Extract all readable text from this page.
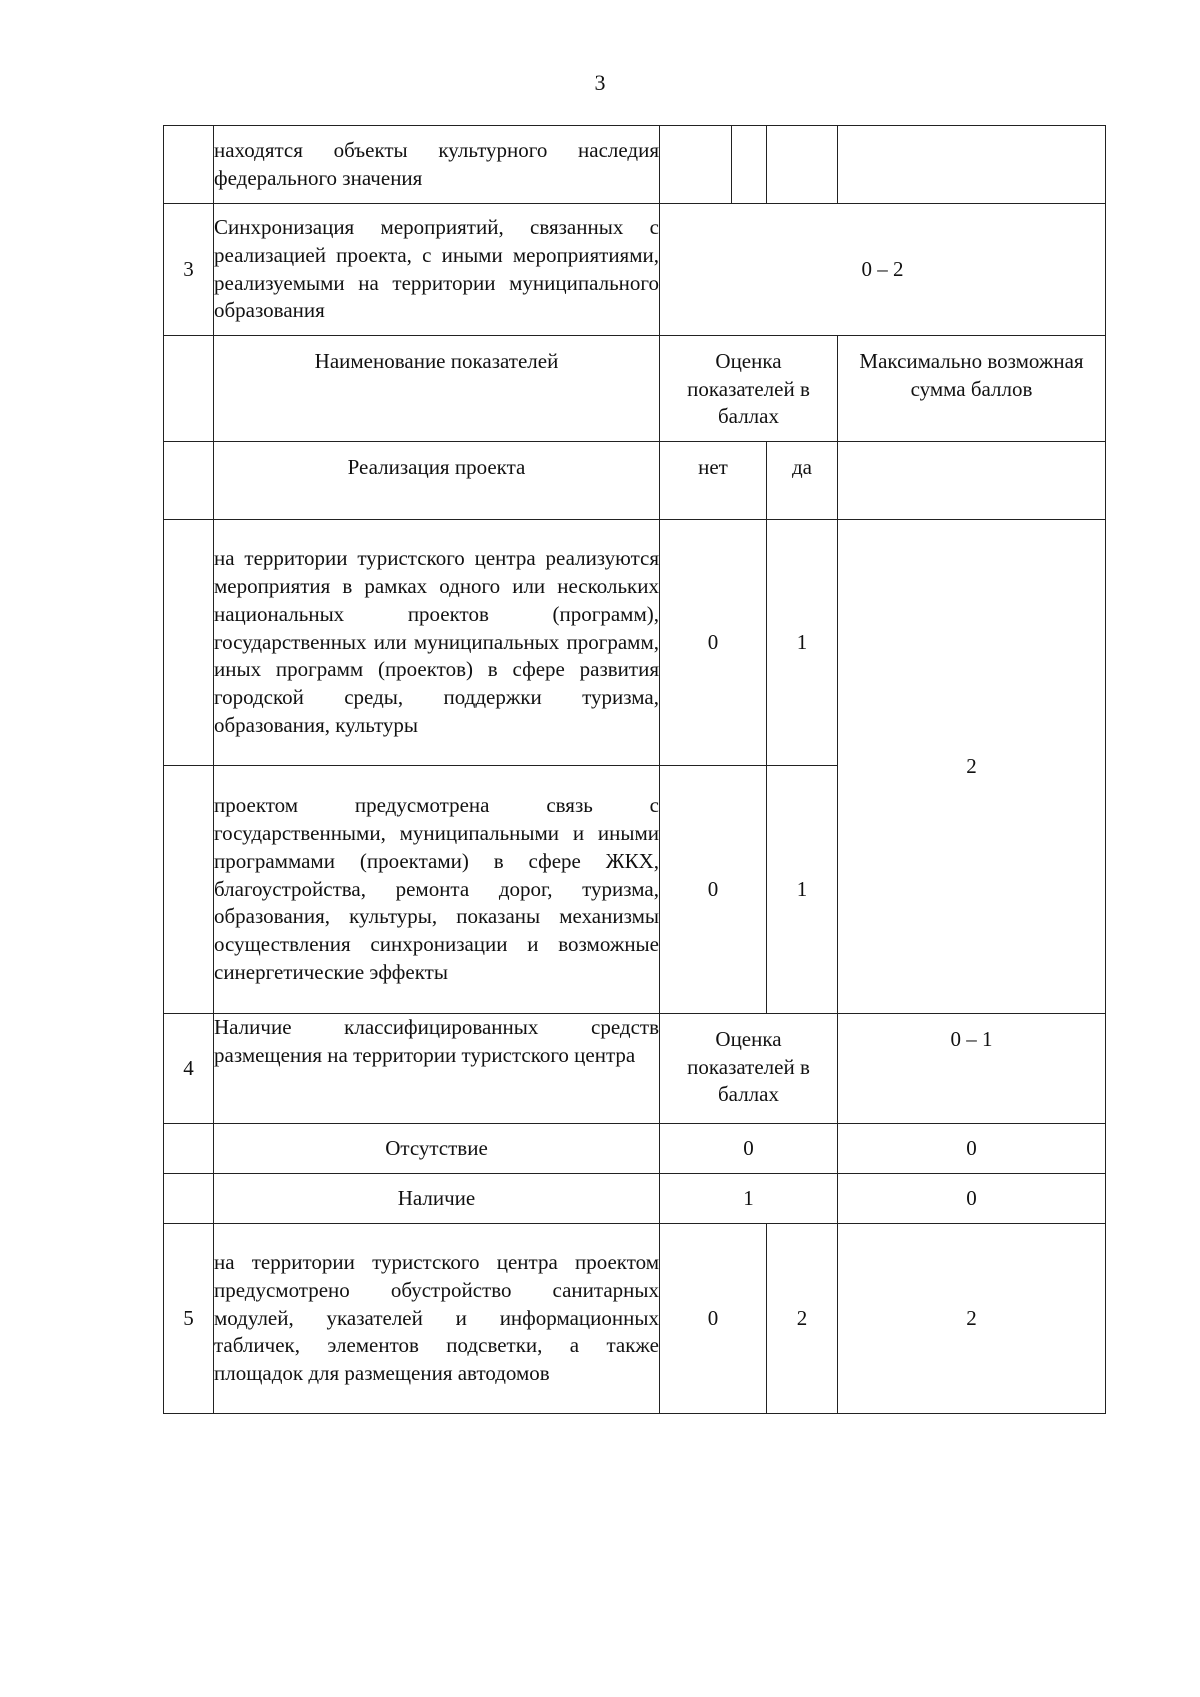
3
	находятся объекты культурного наследия федерального значения				
3	Синхронизация мероприятий, связанных с реализацией проекта, с иными мероприятиями, реализуемыми на территории муниципального образования	0 – 2			
	Наименование показателей	Оценка показателей в баллах			Максимально возможная сумма баллов
	Реализация проекта	нет		да	
	на территории туристского центра реализуются мероприятия в рамках одного или нескольких национальных проектов (программ), государственных или муниципальных программ, иных программ (проектов) в сфере развития городской среды, поддержки туризма, образования, культуры	0		1	2
	проектом предусмотрена связь с государственными, муниципальными и иными программами (проектами) в сфере ЖКХ, благоустройства, ремонта дорог, туризма, образования, культуры, показаны механизмы осуществления синхронизации и возможные синергетические эффекты	0		1	
4	Наличие классифицированных средств размещения на территории туристского центра	Оценка показателей в баллах			0 – 1
	Отсутствие	0			0
	Наличие	1			0
5	на территории туристского центра проектом предусмотрено обустройство санитарных модулей, указателей и информационных табличек, элементов подсветки, а также площадок для размещения автодомов	0		2	2
